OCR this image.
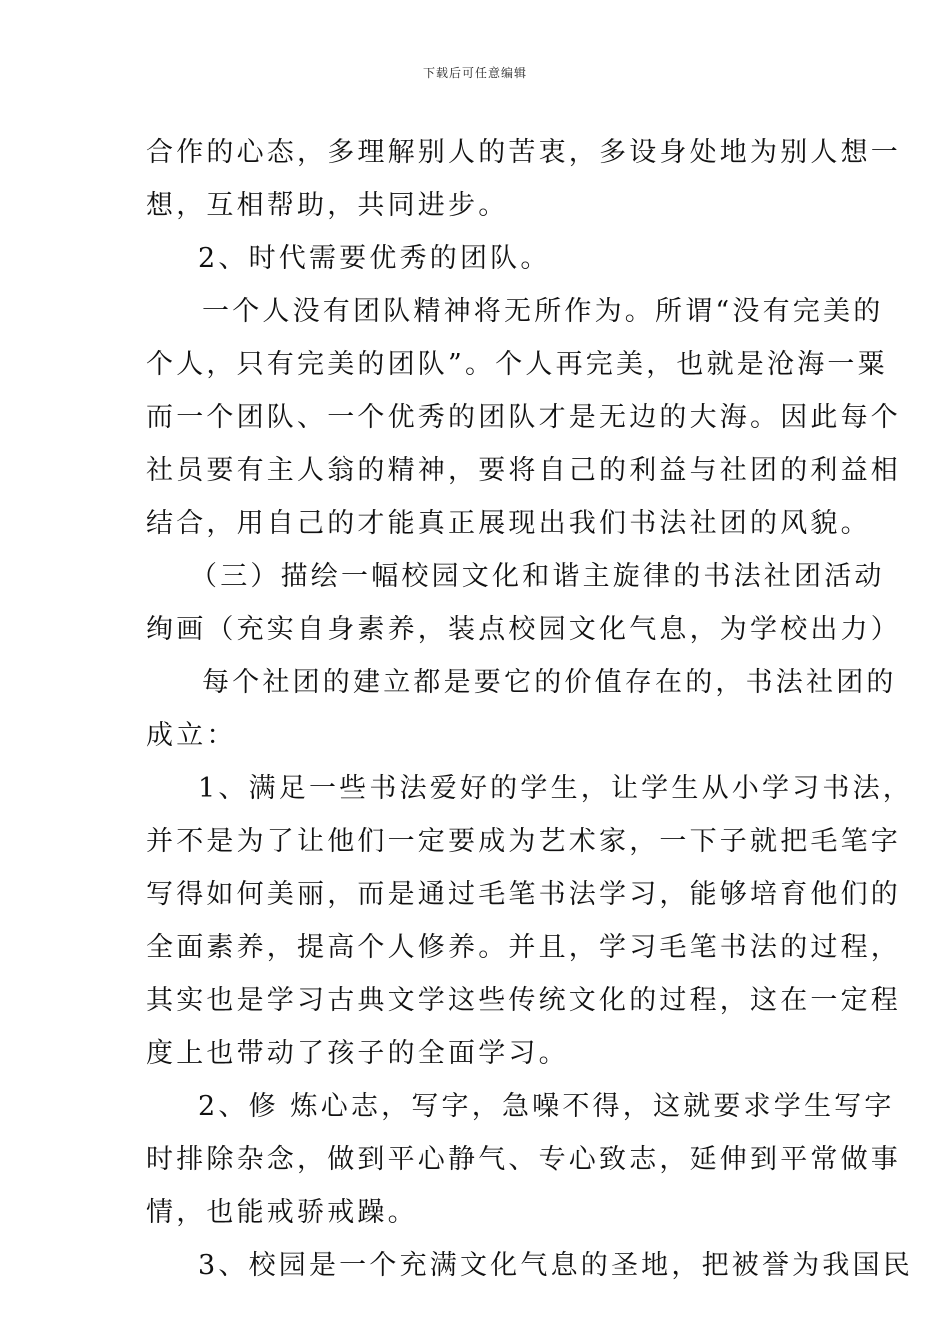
下载后可任意编辑
合作的心态，多理解别人的苦衷，多设身处地为别人想一
想，互相帮助，共同进步。
2、时代需要优秀的团队。
一个人没有团队精神将无所作为。所谓“没有完美的
个人，只有完美的团队”。个人再完美，也就是沧海一粟
而一个团队、一个优秀的团队才是无边的大海。因此每个
社员要有主人翁的精神，要将自己的利益与社团的利益相
结合，用自己的才能真正展现出我们书法社团的风貌。
（三）描绘一幅校园文化和谐主旋律的书法社团活动
绚画（充实自身素养，装点校园文化气息，为学校出力）
每个社团的建立都是要它的价值存在的，书法社团的
成立：
1、满足一些书法爱好的学生，让学生从小学习书法，
并不是为了让他们一定要成为艺术家，一下子就把毛笔字
写得如何美丽，而是通过毛笔书法学习，能够培育他们的
全面素养，提高个人修养。并且，学习毛笔书法的过程，
其实也是学习古典文学这些传统文化的过程，这在一定程
度上也带动了孩子的全面学习。
2、修 炼心志，写字，急噪不得，这就要求学生写字
时排除杂念，做到平心静气、专心致志，延伸到平常做事
情，也能戒骄戒躁。
3、校园是一个充满文化气息的圣地，把被誉为我国民
